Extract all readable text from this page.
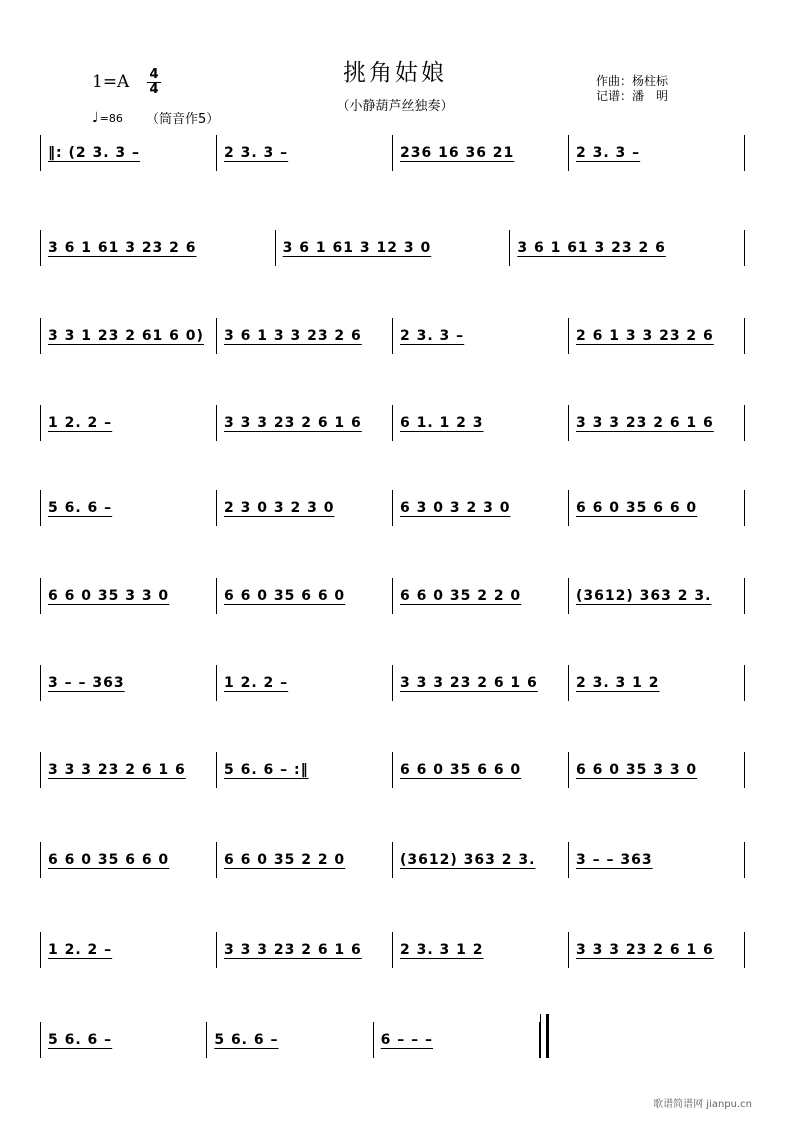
挑角姑娘
（小静葫芦丝独奏）
1=A 4
4
♩=86 （筒音作5）
作曲：杨柱标
记谱：潘　明
‖: (2 3. 3 –	2 3. 3 –	236 16 36 21	2 3. 3 –
3 6 1 61 3 23 2 6	3 6 1 61 3 12 3 0	3 6 1 61 3 23 2 6
3 3 1 23 2 61 6 0) 3 6 1 3 3 23 2 6	2 3. 3 –	2 6 1 3 3 23 2 6
1 2. 2 –	3 3 3 23 2 6 1 6	6 1. 1 2 3	3 3 3 23 2 6 1 6
5 6. 6 –	2 3 0 3 2 3 0	6 3 0 3 2 3 0	6 6 0 35 6 6 0
6 6 0 35 3 3 0	6 6 0 35 6 6 0	6 6 0 35 2 2 0	(3612) 363 2 3.
3 – – 363	1 2. 2 –	3 3 3 23 2 6 1 6	2 3. 3 1 2
3 3 3 23 2 6 1 6	5 6. 6 – :‖	6 6 0 35 6 6 0	6 6 0 35 3 3 0
6 6 0 35 6 6 0	6 6 0 35 2 2 0	(3612) 363 2 3.	3 – – 363
1 2. 2 –	3 3 3 23 2 6 1 6	2 3. 3 1 2	3 3 3 23 2 6 1 6
5 6. 6 –	5 6. 6 –	6 – – –
歌谱简谱网 jianpu.cn
